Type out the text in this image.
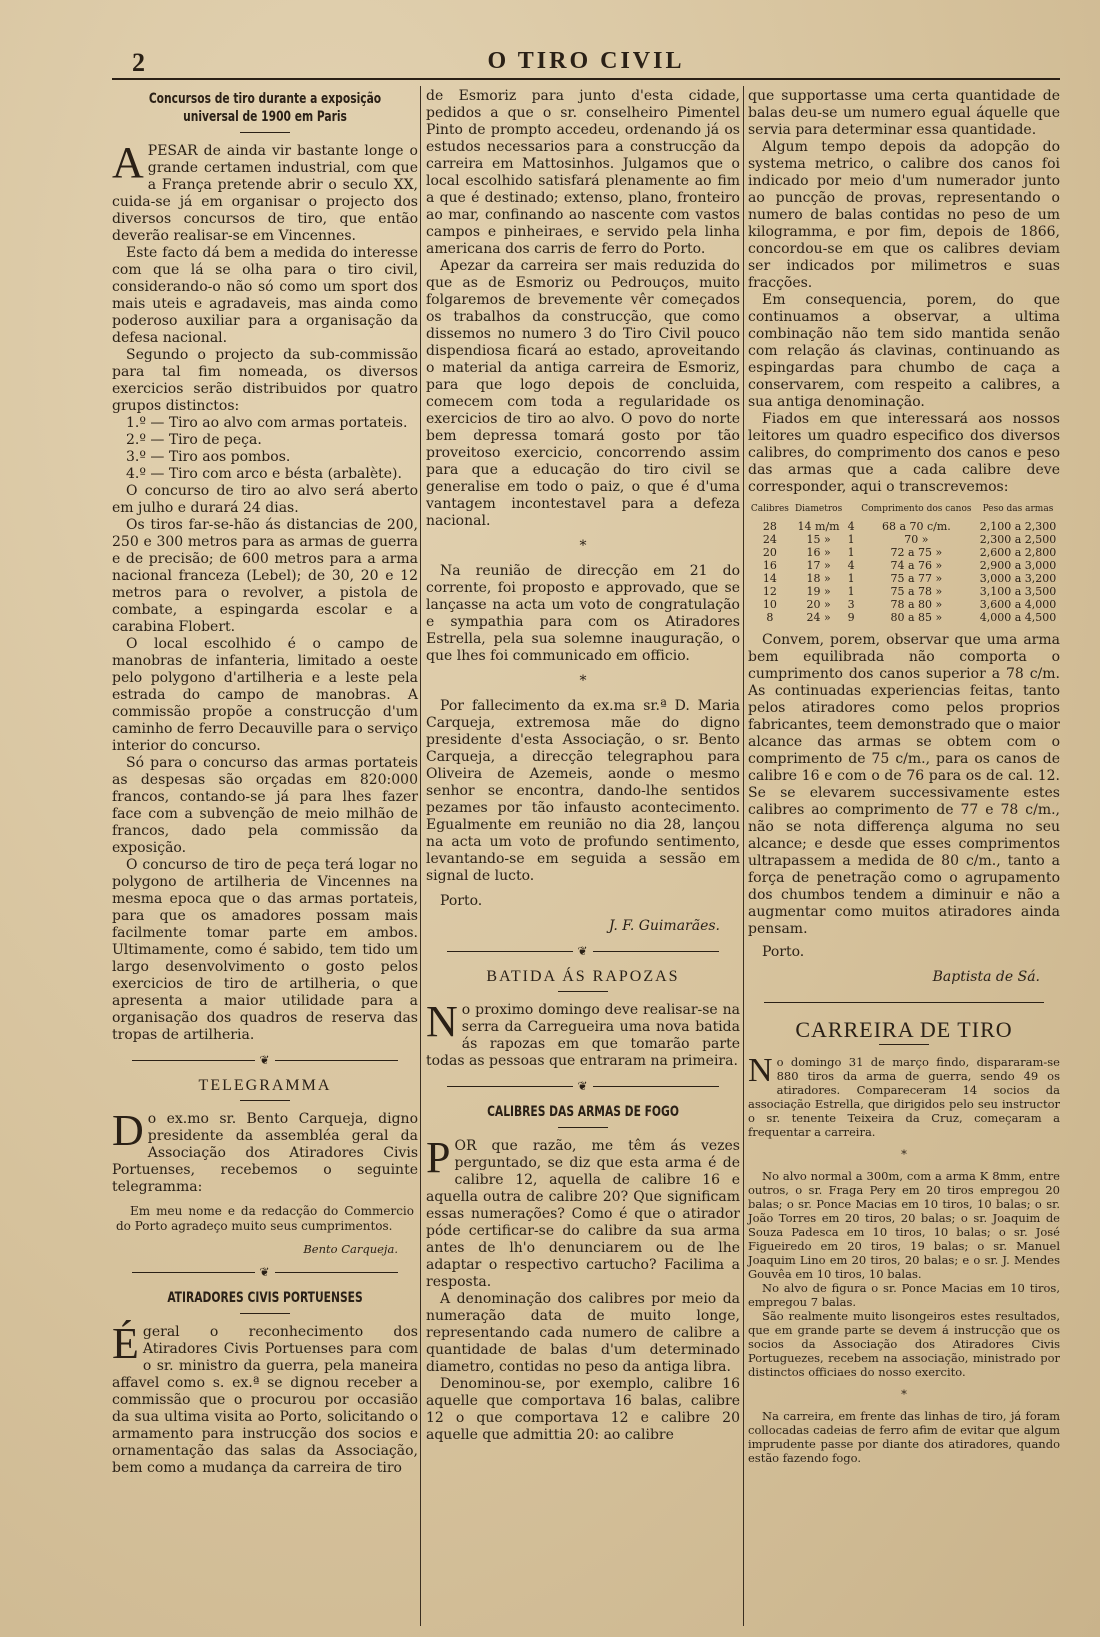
2	O TIRO CIVIL
Concursos de tiro durante a exposição universal de 1900 em Paris

APESAR de ainda vir bastante longe o grande certamen industrial, com que a França pretende abrir o seculo XX, cuida-se já em organisar o projecto dos diversos concursos de tiro, que então deverão realisar-se em Vincennes.

Este facto dá bem a medida do interesse com que lá se olha para o tiro civil, considerando-o não só como um sport dos mais uteis e agradaveis, mas ainda como poderoso auxiliar para a organisação da defesa nacional.

Segundo o projecto da sub-commissão para tal fim nomeada, os diversos exercicios serão distribuidos por quatro grupos distinctos:

1.º — Tiro ao alvo com armas portateis.

2.º — Tiro de peça.

3.º — Tiro aos pombos.

4.º — Tiro com arco e bésta (arbalète).

O concurso de tiro ao alvo será aberto em julho e durará 24 dias.

Os tiros far-se-hão ás distancias de 200, 250 e 300 metros para as armas de guerra e de precisão; de 600 metros para a arma nacional franceza (Lebel); de 30, 20 e 12 metros para o revolver, a pistola de combate, a espingarda escolar e a carabina Flobert.

O local escolhido é o campo de manobras de infanteria, limitado a oeste pelo polygono d'artilheria e a leste pela estrada do campo de manobras. A commissão propõe a construcção d'um caminho de ferro Decauville para o serviço interior do concurso.

Só para o concurso das armas portateis as despesas são orçadas em 820:000 francos, contando-se já para lhes fazer face com a subvenção de meio milhão de francos, dado pela commissão da exposição.

O concurso de tiro de peça terá logar no polygono de artilheria de Vincennes na mesma epoca que o das armas portateis, para que os amadores possam mais facilmente tomar parte em ambos. Ultimamente, como é sabido, tem tido um largo desenvolvimento o gosto pelos exercicios de tiro de artilheria, o que apresenta a maior utilidade para a organisação dos quadros de reserva das tropas de artilheria.

❦
TELEGRAMMA

Do ex.mo sr. Bento Carqueja, digno presidente da assembléa geral da Associação dos Atiradores Civis Portuenses, recebemos o seguinte telegramma:

Em meu nome e da redacção do Commercio do Porto agradeço muito seus cumprimentos.

Bento Carqueja.
❦
ATIRADORES CIVIS PORTUENSES

Égeral o reconhecimento dos Atiradores Civis Portuenses para com o sr. ministro da guerra, pela maneira affavel como s. ex.ª se dignou receber a commissão que o procurou por occasião da sua ultima visita ao Porto, solicitando o armamento para instrucção dos socios e ornamentação das salas da Associação, bem como a mudança da carreira de tiro

de Esmoriz para junto d'esta cidade, pedidos a que o sr. conselheiro Pimentel Pinto de prompto accedeu, ordenando já os estudos necessarios para a construcção da carreira em Mattosinhos. Julgamos que o local escolhido satisfará plenamente ao fim a que é destinado; extenso, plano, fronteiro ao mar, confinando ao nascente com vastos campos e pinheiraes, e servido pela linha americana dos carris de ferro do Porto.

Apezar da carreira ser mais reduzida do que as de Esmoriz ou Pedrouços, muito folgaremos de brevemente vêr começados os trabalhos da construcção, que como dissemos no numero 3 do Tiro Civil pouco dispendiosa ficará ao estado, aproveitando o material da antiga carreira de Esmoriz, para que logo depois de concluida, comecem com toda a regularidade os exercicios de tiro ao alvo. O povo do norte bem depressa tomará gosto por tão proveitoso exercicio, concorrendo assim para que a educação do tiro civil se generalise em todo o paiz, o que é d'uma vantagem incontestavel para a defeza nacional.

*

Na reunião de direcção em 21 do corrente, foi proposto e approvado, que se lançasse na acta um voto de congratulação e sympathia para com os Atiradores Estrella, pela sua solemne inauguração, o que lhes foi communicado em officio.

*

Por fallecimento da ex.ma sr.ª D. Maria Carqueja, extremosa mãe do digno presidente d'esta Associação, o sr. Bento Carqueja, a direcção telegraphou para Oliveira de Azemeis, aonde o mesmo senhor se encontra, dando-lhe sentidos pezames por tão infausto acontecimento. Egualmente em reunião no dia 28, lançou na acta um voto de profundo sentimento, levantando-se em seguida a sessão em signal de lucto.

Porto.

J. F. Guimarães.
❦
BATIDA ÁS RAPOZAS

No proximo domingo deve realisar-se na serra da Carregueira uma nova batida ás rapozas em que tomarão parte todas as pessoas que entraram na primeira.

❦
CALIBRES DAS ARMAS DE FOGO

POR que razão, me têm ás vezes perguntado, se diz que esta arma é de calibre 12, aquella de calibre 16 e aquella outra de calibre 20? Que significam essas numerações? Como é que o atirador póde certificar-se do calibre da sua arma antes de lh'o denunciarem ou de lhe adaptar o respectivo cartucho? Facilima a resposta.

A denominação dos calibres por meio da numeração data de muito longe, representando cada numero de calibre a quantidade de balas d'um determinado diametro, contidas no peso da antiga libra.

Denominou-se, por exemplo, calibre 16 aquelle que comportava 16 balas, calibre 12 o que comportava 12 e calibre 20 aquelle que admittia 20: ao calibre

que supportasse uma certa quantidade de balas deu-se um numero egual áquelle que servia para determinar essa quantidade.

Algum tempo depois da adopção do systema metrico, o calibre dos canos foi indicado por meio d'um numerador junto ao puncção de provas, representando o numero de balas contidas no peso de um kilogramma, e por fim, depois de 1866, concordou-se em que os calibres deviam ser indicados por milimetros e suas fracções.

Em consequencia, porem, do que continuamos a observar, a ultima combinação não tem sido mantida senão com relação ás clavinas, continuando as espingardas para chumbo de caça a conservarem, com respeito a calibres, a sua antiga denominação.

Fiados em que interessará aos nossos leitores um quadro especifico dos diversos calibres, do comprimento dos canos e peso das armas que a cada calibre deve corresponder, aqui o transcrevemos:

Calibres	Diametros		Comprimento dos canos	Peso das armas
28	14 m/m	4	68 a 70 c/m.	2,100 a 2,300
24	15 »	1	70 »	2,300 a 2,500
20	16 »	1	72 a 75 »	2,600 a 2,800
16	17 »	4	74 a 76 »	2,900 a 3,000
14	18 »	1	75 a 77 »	3,000 a 3,200
12	19 »	1	75 a 78 »	3,100 a 3,500
10	20 »	3	78 a 80 »	3,600 a 4,000
8	24 »	9	80 a 85 »	4,000 a 4,500

Convem, porem, observar que uma arma bem equilibrada não comporta o cumprimento dos canos superior a 78 c/m. As continuadas experiencias feitas, tanto pelos atiradores como pelos proprios fabricantes, teem demonstrado que o maior alcance das armas se obtem com o comprimento de 75 c/m., para os canos de calibre 16 e com o de 76 para os de cal. 12. Se se elevarem successivamente estes calibres ao comprimento de 77 e 78 c/m., não se nota differença alguma no seu alcance; e desde que esses comprimentos ultrapassem a medida de 80 c/m., tanto a força de penetração como o agrupamento dos chumbos tendem a diminuir e não a augmentar como muitos atiradores ainda pensam.

Porto.

Baptista de Sá.
CARREIRA DE TIRO

No domingo 31 de março findo, dispararam-se 880 tiros da arma de guerra, sendo 49 os atiradores. Compareceram 14 socios da associação Estrella, que dirigidos pelo seu instructor o sr. tenente Teixeira da Cruz, começaram a frequentar a carreira.

*

No alvo normal a 300m, com a arma K 8mm, entre outros, o sr. Fraga Pery em 20 tiros empregou 20 balas; o sr. Ponce Macias em 10 tiros, 10 balas; o sr. João Torres em 20 tiros, 20 balas; o sr. Joaquim de Souza Padesca em 10 tiros, 10 balas; o sr. José Figueiredo em 20 tiros, 19 balas; o sr. Manuel Joaquim Lino em 20 tiros, 20 balas; e o sr. J. Mendes Gouvêa em 10 tiros, 10 balas.

No alvo de figura o sr. Ponce Macias em 10 tiros, empregou 7 balas.

São realmente muito lisongeiros estes resultados, que em grande parte se devem á instrucção que os socios da Associação dos Atiradores Civis Portuguezes, recebem na associação, ministrado por distinctos officiaes do nosso exercito.

*

Na carreira, em frente das linhas de tiro, já foram collocadas cadeias de ferro afim de evitar que algum imprudente passe por diante dos atiradores, quando estão fazendo fogo.
